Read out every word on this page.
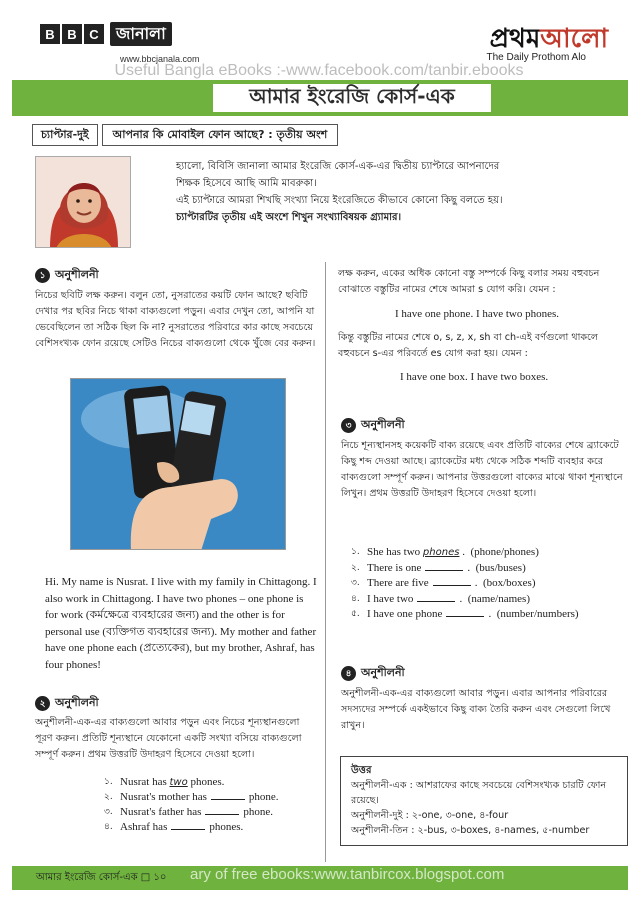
B B C	জানালা
www.bbcjanala.com
প্রথমআলো
The Daily Prothom Alo
Useful Bangla eBooks :-www.facebook.com/tanbir.ebooks
আমার ইংরেজি কোর্স-এক
চ্যাপ্টার-দুই	আপনার কি মোবাইল ফোন আছে? : তৃতীয় অংশ
হ্যালো, বিবিসি জানালা আমার ইংরেজি কোর্স-এক-এর দ্বিতীয় চ্যাপ্টারে আপনাদের
শিক্ষক হিসেবে আছি আমি মাবরুকা।
এই চ্যাপ্টারে আমরা শিখছি সংখ্যা নিয়ে ইংরেজিতে কীভাবে কোনো কিছু বলতে হয়।
চ্যাপ্টারটির তৃতীয় এই অংশে শিখুন সংখ্যাবিষয়ক গ্র্যামার।
১ অনুশীলনী
নিচের ছবিটি লক্ষ করুন। বলুন তো, নুসরাতের কয়টি ফোন আছে? ছবিটি দেখার পর ছবির নিচে থাকা বাক্যগুলো পড়ুন। এবার দেখুন তো, আপনি যা ভেবেছিলেন তা সঠিক ছিল কি না? নুসরাতের পরিবারে কার কাছে সবচেয়ে বেশিসংখ্যক ফোন রয়েছে সেটিও নিচের বাক্যগুলো থেকে খুঁজে বের করুন।
Hi. My name is Nusrat. I live with my family in Chittagong. I also work in Chittagong. I have two phones – one phone is for work (কর্মক্ষেত্রে ব্যবহারের জন্য) and the other is for personal use (ব্যক্তিগত ব্যবহারের জন্য). My mother and father have one phone each (প্রত্যেকের), but my brother, Ashraf, has four phones!
২ অনুশীলনী
অনুশীলনী-এক-এর বাক্যগুলো আবার পড়ুন এবং নিচের শূন্যস্থানগুলো পূরণ করুন। প্রতিটি শূন্যস্থানে যেকোনো একটি সংখ্যা বসিয়ে বাক্যগুলো সম্পূর্ণ করুন। প্রথম উত্তরটি উদাহরণ হিসেবে দেওয়া হলো।
১. Nusrat has
two
phones.
২. Nusrat's mother has	phone.
৩. Nusrat's father has	phone.
৪. Ashraf has	phones.
লক্ষ করুন, একের অধিক কোনো বস্তু সম্পর্কে কিছু বলার সময় বহুবচন বোঝাতে বস্তুটির নামের শেষে আমরা s যোগ করি। যেমন :
I have one phone. I have two phones.
কিন্তু বস্তুটির নামের শেষে o, s, z, x, sh বা ch-এই বর্ণগুলো থাকলে বহুবচনে s-এর পরিবর্তে es যোগ করা হয়। যেমন :
I have one box. I have two boxes.
৩ অনুশীলনী
নিচে শূন্যস্থানসহ কয়েকটি বাক্য রয়েছে এবং প্রতিটি বাক্যের শেষে ব্র্যাকেটে কিছু শব্দ দেওয়া আছে। ব্র্যাকেটের মধ্য থেকে সঠিক শব্দটি ব্যবহার করে বাক্যগুলো সম্পূর্ণ করুন। আপনার উত্তরগুলো বাক্যের মাঝে থাকা শূন্যস্থানে লিখুন। প্রথম উত্তরটি উদাহরণ হিসেবে দেওয়া হলো।
১. She has two
phones
.
(phone/phones)
২. There is one	.
(bus/buses)
৩. There are five	.
(box/boxes)
৪. I have two	.
(name/names)
৫. I have one phone	.
(number/numbers)
৪ অনুশীলনী
অনুশীলনী-এক-এর বাক্যগুলো আবার পড়ুন। এবার আপনার পরিবারের সদস্যদের সম্পর্কে একইভাবে কিছু বাক্য তৈরি করুন এবং সেগুলো লিখে রাখুন।
উত্তর
অনুশীলনী-এক : আশরাফের কাছে সবচেয়ে বেশিসংখ্যক চারটি ফোন রয়েছে।
অনুশীলনী-দুই : ২-one, ৩-one, ৪-four
অনুশীলনী-তিন : ২-bus, ৩-boxes, ৪-names, ৫-number
আমার ইংরেজি কোর্স-এক □ ১০ ary of free ebooks:www.tanbircox.blogspot.com
